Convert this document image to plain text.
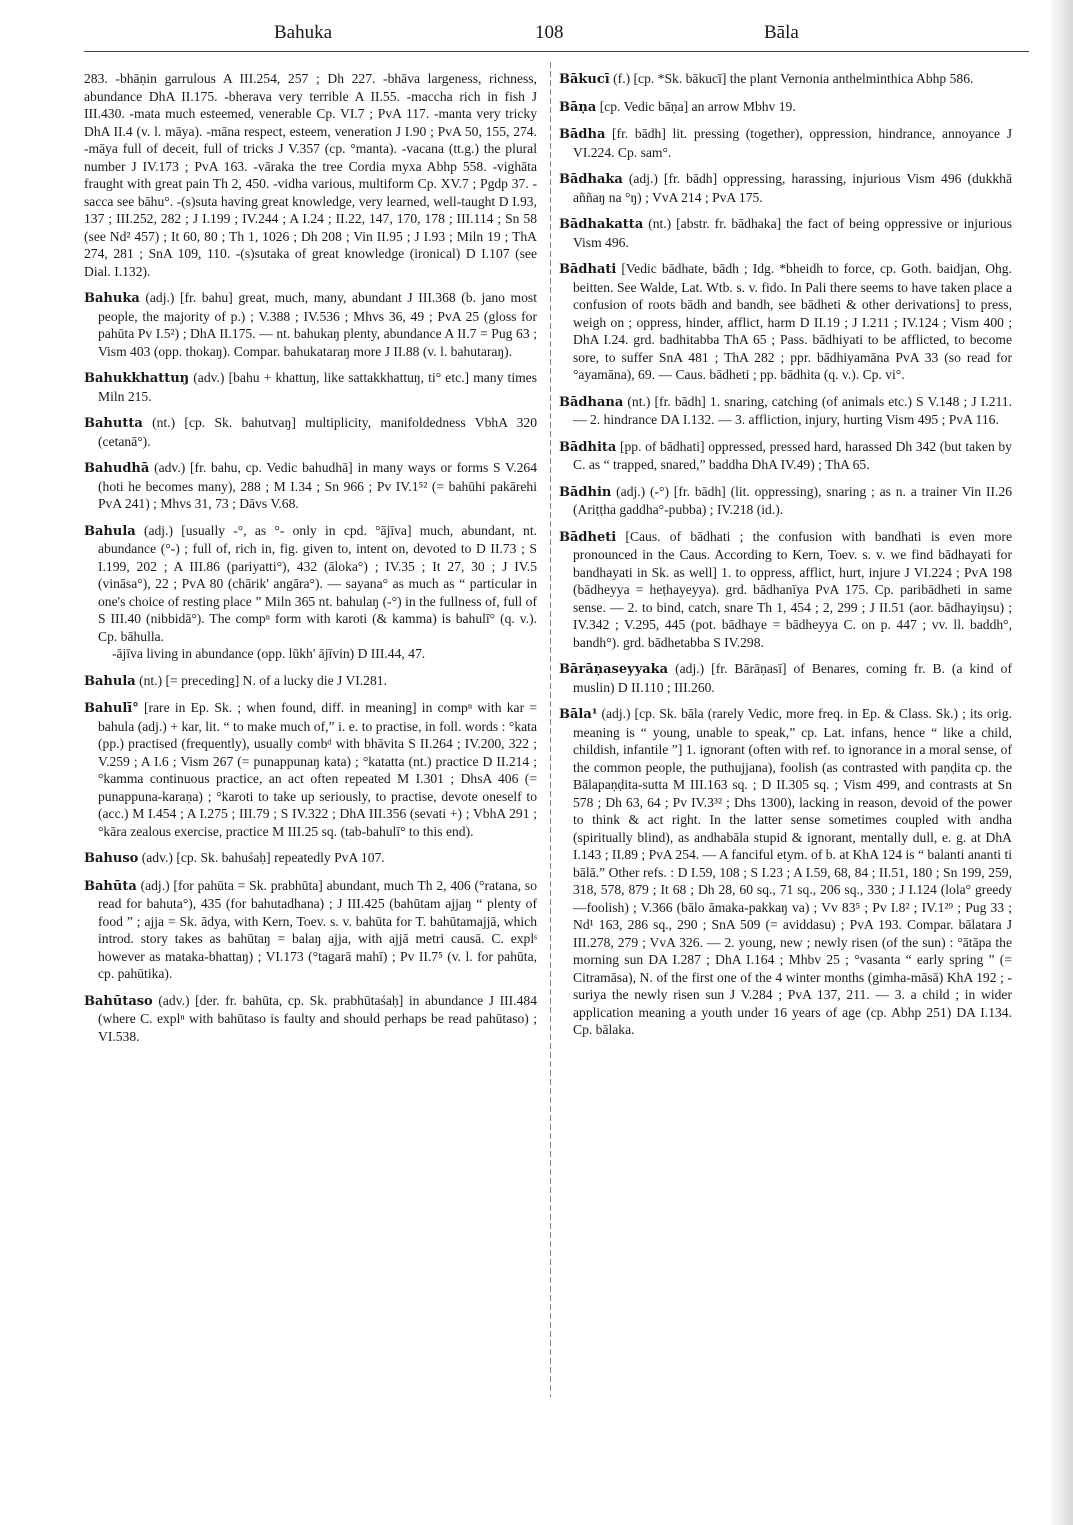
Bahuka	108	Bāla

283. -bhāṇin garrulous A III.254, 257 ; Dh 227. -bhāva largeness, richness, abundance DhA II.175. -bherava very terrible A II.55. -maccha rich in fish J III.430. -mata much esteemed, venerable Cp. VI.7 ; PvA 117. -manta very tricky DhA II.4 (v. l. māya). -māna respect, esteem, veneration J I.90 ; PvA 50, 155, 274. -māya full of deceit, full of tricks J V.357 (cp. °manta). -vacana (tt.g.) the plural number J IV.173 ; PvA 163. -vāraka the tree Cordia myxa Abhp 558. -vighāta fraught with great pain Th 2, 450. -vidha various, multiform Cp. XV.7 ; Pgdp 37. -sacca see bāhu°. -(s)suta having great knowledge, very learned, well-taught D I.93, 137 ; III.252, 282 ; J I.199 ; IV.244 ; A I.24 ; II.22, 147, 170, 178 ; III.114 ; Sn 58 (see Nd² 457) ; It 60, 80 ; Th 1, 1026 ; Dh 208 ; Vin II.95 ; J I.93 ; Miln 19 ; ThA 274, 281 ; SnA 109, 110. -(s)sutaka of great knowledge (ironical) D I.107 (see Dial. I.132).

Bahuka (adj.) [fr. bahu] great, much, many, abundant J III.368 (b. jano most people, the majority of p.) ; V.388 ; IV.536 ; Mhvs 36, 49 ; PvA 25 (gloss for pahūta Pv I.5²) ; DhA II.175. — nt. bahukaŋ plenty, abundance A II.7 = Pug 63 ; Vism 403 (opp. thokaŋ). Compar. bahukataraŋ more J II.88 (v. l. bahutaraŋ).

Bahukkhattuŋ (adv.) [bahu + khattuŋ, like sattakkhattuŋ, ti° etc.] many times Miln 215.

Bahutta (nt.) [cp. Sk. bahutvaŋ] multiplicity, manifoldedness VbhA 320 (cetanā°).

Bahudhā (adv.) [fr. bahu, cp. Vedic bahudhā] in many ways or forms S V.264 (hoti he becomes many), 288 ; M I.34 ; Sn 966 ; Pv IV.1⁵² (= bahūhi pakārehi PvA 241) ; Mhvs 31, 73 ; Dāvs V.68.

Bahula (adj.) [usually -°, as °- only in cpd. °ājīva] much, abundant, nt. abundance (°-) ; full of, rich in, fig. given to, intent on, devoted to D II.73 ; S I.199, 202 ; A III.86 (pariyatti°), 432 (āloka°) ; IV.35 ; It 27, 30 ; J IV.5 (vināsa°), 22 ; PvA 80 (chārik' angāra°). — sayana° as much as “ particular in one's choice of resting place ” Miln 365 nt. bahulaŋ (-°) in the fullness of, full of S III.40 (nibbidā°). The compⁿ form with karoti (& kamma) is bahulī° (q. v.). Cp. bāhulla.
-ājīva living in abundance (opp. lūkh' ājīvin) D III.44, 47.

Bahula (nt.) [= preceding] N. of a lucky die J VI.281.

Bahulī° [rare in Ep. Sk. ; when found, diff. in meaning] in compⁿ with kar = bahula (adj.) + kar, lit. “ to make much of,” i. e. to practise, in foll. words : °kata (pp.) practised (frequently), usually combᵈ with bhāvita S II.264 ; IV.200, 322 ; V.259 ; A I.6 ; Vism 267 (= punappunaŋ kata) ; °katatta (nt.) practice D II.214 ; °kamma continuous practice, an act often repeated M I.301 ; DhsA 406 (= punappuna-karaṇa) ; °karoti to take up seriously, to practise, devote oneself to (acc.) M I.454 ; A I.275 ; III.79 ; S IV.322 ; DhA III.356 (sevati +) ; VbhA 291 ; °kāra zealous exercise, practice M III.25 sq. (tab-bahulī° to this end).

Bahuso (adv.) [cp. Sk. bahuśaḥ] repeatedly PvA 107.

Bahūta (adj.) [for pahūta = Sk. prabhūta] abundant, much Th 2, 406 (°ratana, so read for bahuta°), 435 (for bahutadhana) ; J III.425 (bahūtam ajjaŋ “ plenty of food ” ; ajja = Sk. ādya, with Kern, Toev. s. v. bahūta for T. bahūtamajjā, which introd. story takes as bahūtaŋ = balaŋ ajja, with ajjā metri causā. C. explˢ however as mataka-bhattaŋ) ; VI.173 (°tagarā mahī) ; Pv II.7⁵ (v. l. for pahūta, cp. pahūtika).

Bahūtaso (adv.) [der. fr. bahūta, cp. Sk. prabhūtaśaḥ] in abundance J III.484 (where C. explⁿ with bahūtaso is faulty and should perhaps be read pahūtaso) ; VI.538.

Bākucī (f.) [cp. *Sk. bākucī] the plant Vernonia anthelminthica Abhp 586.

Bāṇa [cp. Vedic bāṇa] an arrow Mbhv 19.

Bādha [fr. bādh] lit. pressing (together), oppression, hindrance, annoyance J VI.224. Cp. sam°.

Bādhaka (adj.) [fr. bādh] oppressing, harassing, injurious Vism 496 (dukkhā aññaŋ na °ŋ) ; VvA 214 ; PvA 175.

Bādhakatta (nt.) [abstr. fr. bādhaka] the fact of being oppressive or injurious Vism 496.

Bādhati [Vedic bādhate, bādh ; Idg. *bheidh to force, cp. Goth. baidjan, Ohg. beitten. See Walde, Lat. Wtb. s. v. fido. In Pali there seems to have taken place a confusion of roots bādh and bandh, see bādheti & other derivations] to press, weigh on ; oppress, hinder, afflict, harm D II.19 ; J I.211 ; IV.124 ; Vism 400 ; DhA I.24. grd. badhitabba ThA 65 ; Pass. bādhiyati to be afflicted, to become sore, to suffer SnA 481 ; ThA 282 ; ppr. bādhiyamāna PvA 33 (so read for °ayamāna), 69. — Caus. bādheti ; pp. bādhita (q. v.). Cp. vi°.

Bādhana (nt.) [fr. bādh] 1. snaring, catching (of animals etc.) S V.148 ; J I.211. — 2. hindrance DA I.132. — 3. affliction, injury, hurting Vism 495 ; PvA 116.

Bādhita [pp. of bādhati] oppressed, pressed hard, harassed Dh 342 (but taken by C. as “ trapped, snared,” baddha DhA IV.49) ; ThA 65.

Bādhin (adj.) (-°) [fr. bādh] (lit. oppressing), snaring ; as n. a trainer Vin II.26 (Ariṭṭha gaddha°-pubba) ; IV.218 (id.).

Bādheti [Caus. of bādhati ; the confusion with bandhati is even more pronounced in the Caus. According to Kern, Toev. s. v. we find bādhayati for bandhayati in Sk. as well] 1. to oppress, afflict, hurt, injure J VI.224 ; PvA 198 (bādheyya = heṭhayeyya). grd. bādhanīya PvA 175. Cp. paribādheti in same sense. — 2. to bind, catch, snare Th 1, 454 ; 2, 299 ; J II.51 (aor. bādhayiŋsu) ; IV.342 ; V.295, 445 (pot. bādhaye = bādheyya C. on p. 447 ; vv. ll. baddh°, bandh°). grd. bādhetabba S IV.298.

Bārāṇaseyyaka (adj.) [fr. Bārāṇasī] of Benares, coming fr. B. (a kind of muslin) D II.110 ; III.260.

Bāla¹ (adj.) [cp. Sk. bāla (rarely Vedic, more freq. in Ep. & Class. Sk.) ; its orig. meaning is “ young, unable to speak,” cp. Lat. infans, hence “ like a child, childish, infantile ”] 1. ignorant (often with ref. to ignorance in a moral sense, of the common people, the puthujjana), foolish (as contrasted with paṇḍita cp. the Bālapaṇḍita-sutta M III.163 sq. ; D II.305 sq. ; Vism 499, and contrasts at Sn 578 ; Dh 63, 64 ; Pv IV.3³² ; Dhs 1300), lacking in reason, devoid of the power to think & act right. In the latter sense sometimes coupled with andha (spiritually blind), as andhabāla stupid & ignorant, mentally dull, e. g. at DhA I.143 ; II.89 ; PvA 254. — A fanciful etym. of b. at KhA 124 is “ balanti ananti ti bālā.” Other refs. : D I.59, 108 ; S I.23 ; A I.59, 68, 84 ; II.51, 180 ; Sn 199, 259, 318, 578, 879 ; It 68 ; Dh 28, 60 sq., 71 sq., 206 sq., 330 ; J I.124 (lola° greedy—foolish) ; V.366 (bālo āmaka-pakkaŋ va) ; Vv 83⁵ ; Pv I.8² ; IV.1²⁹ ; Pug 33 ; Nd¹ 163, 286 sq., 290 ; SnA 509 (= aviddasu) ; PvA 193. Compar. bālatara J III.278, 279 ; VvA 326. — 2. young, new ; newly risen (of the sun) : °ātāpa the morning sun DA I.287 ; DhA I.164 ; Mhbv 25 ; °vasanta “ early spring ” (= Citramāsa), N. of the first one of the 4 winter months (gimha-māsā) KhA 192 ; -suriya the newly risen sun J V.284 ; PvA 137, 211. — 3. a child ; in wider application meaning a youth under 16 years of age (cp. Abhp 251) DA I.134. Cp. bālaka.
